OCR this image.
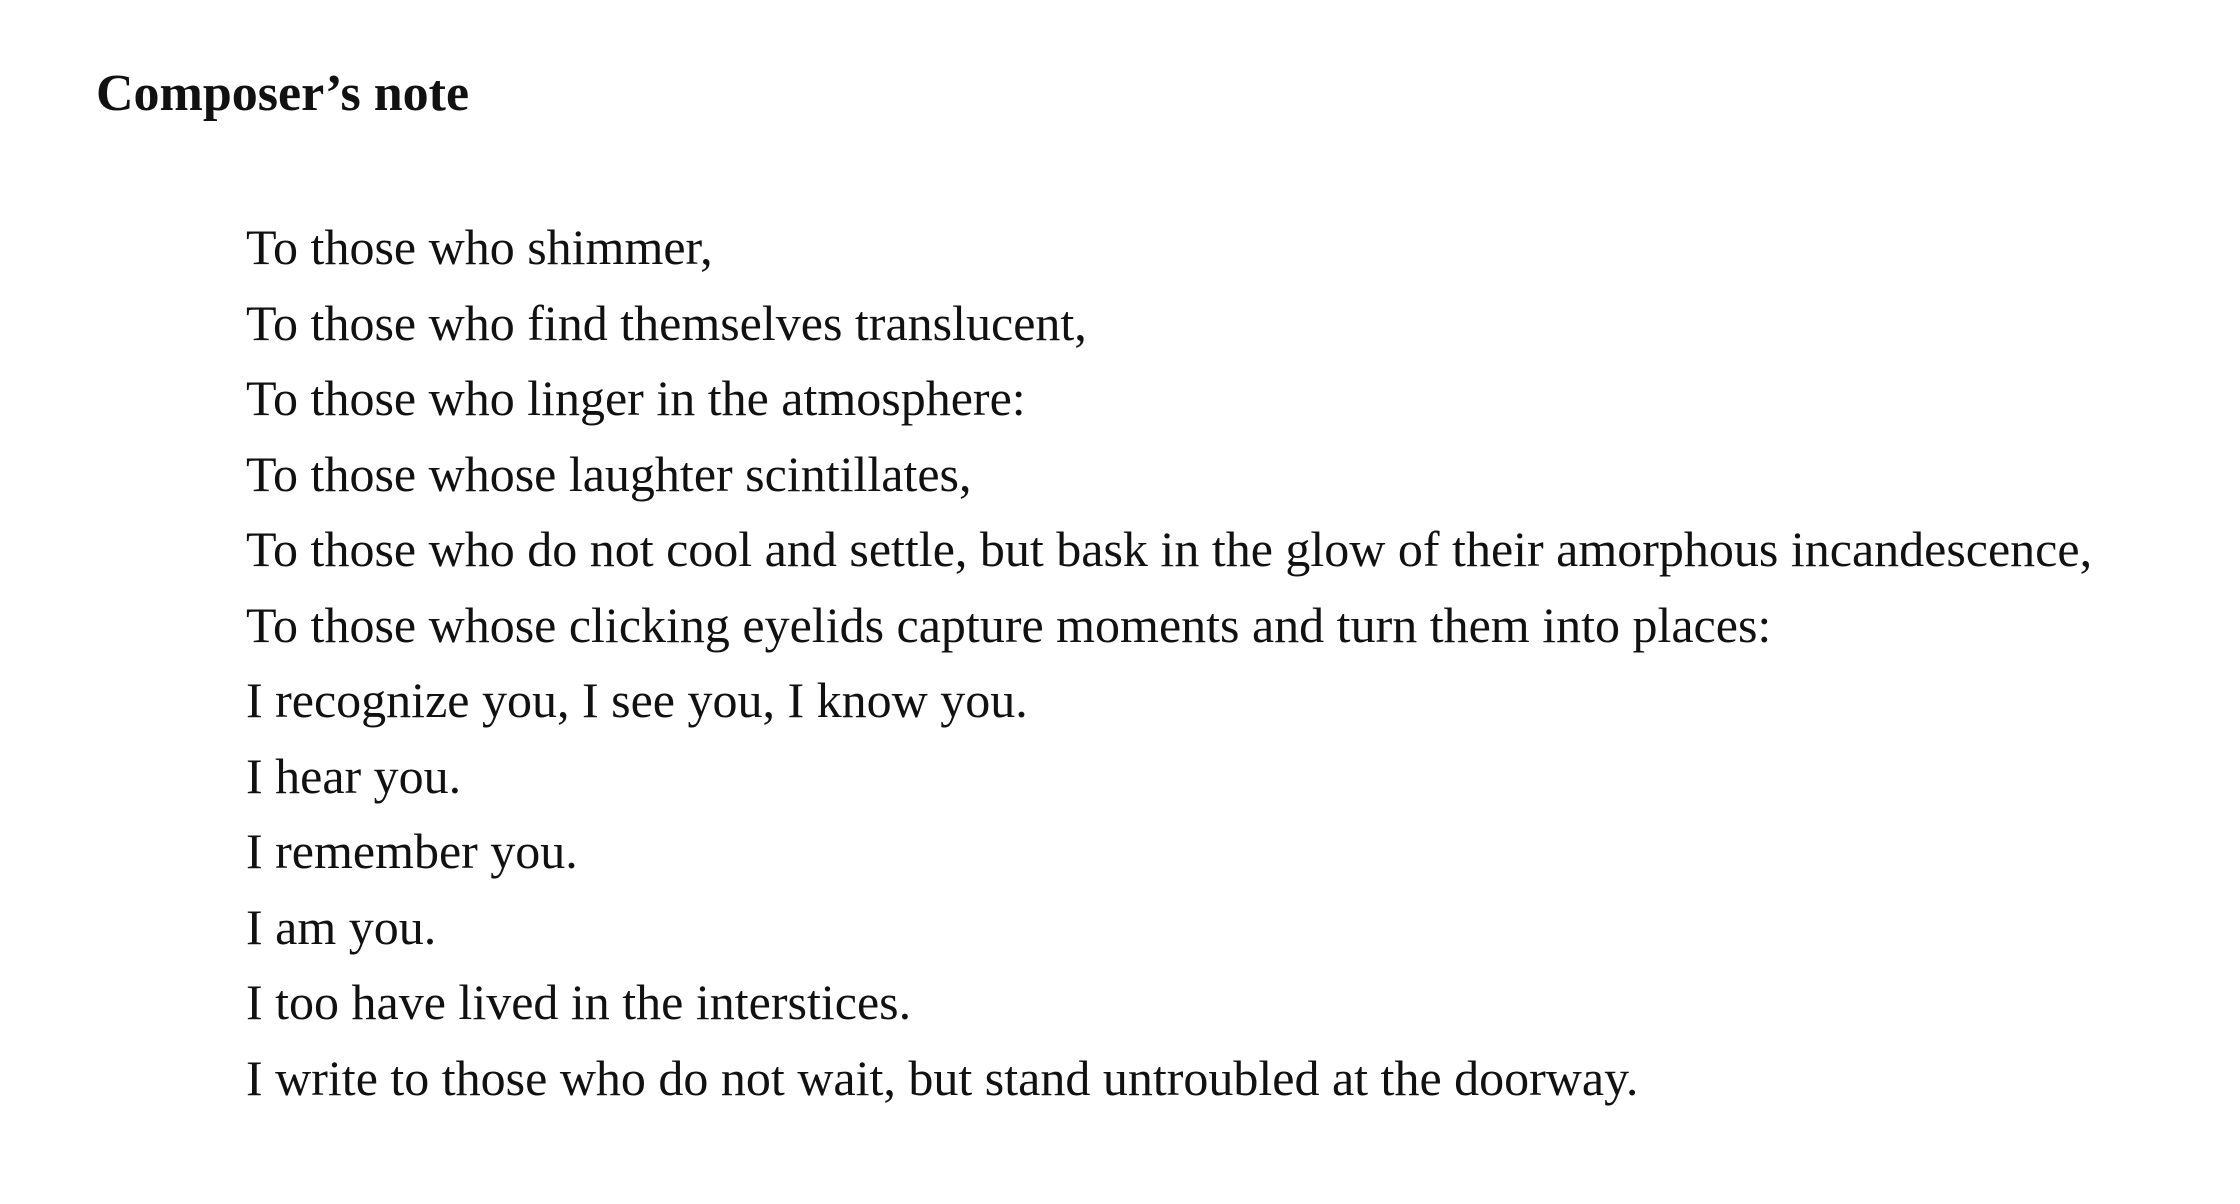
Composer’s note
To those who shimmer,
To those who find themselves translucent,
To those who linger in the atmosphere:
To those whose laughter scintillates,
To those who do not cool and settle, but bask in the glow of their amorphous incandescence,
To those whose clicking eyelids capture moments and turn them into places:
I recognize you, I see you, I know you.
I hear you.
I remember you.
I am you.
I too have lived in the interstices.
I write to those who do not wait, but stand untroubled at the doorway.
